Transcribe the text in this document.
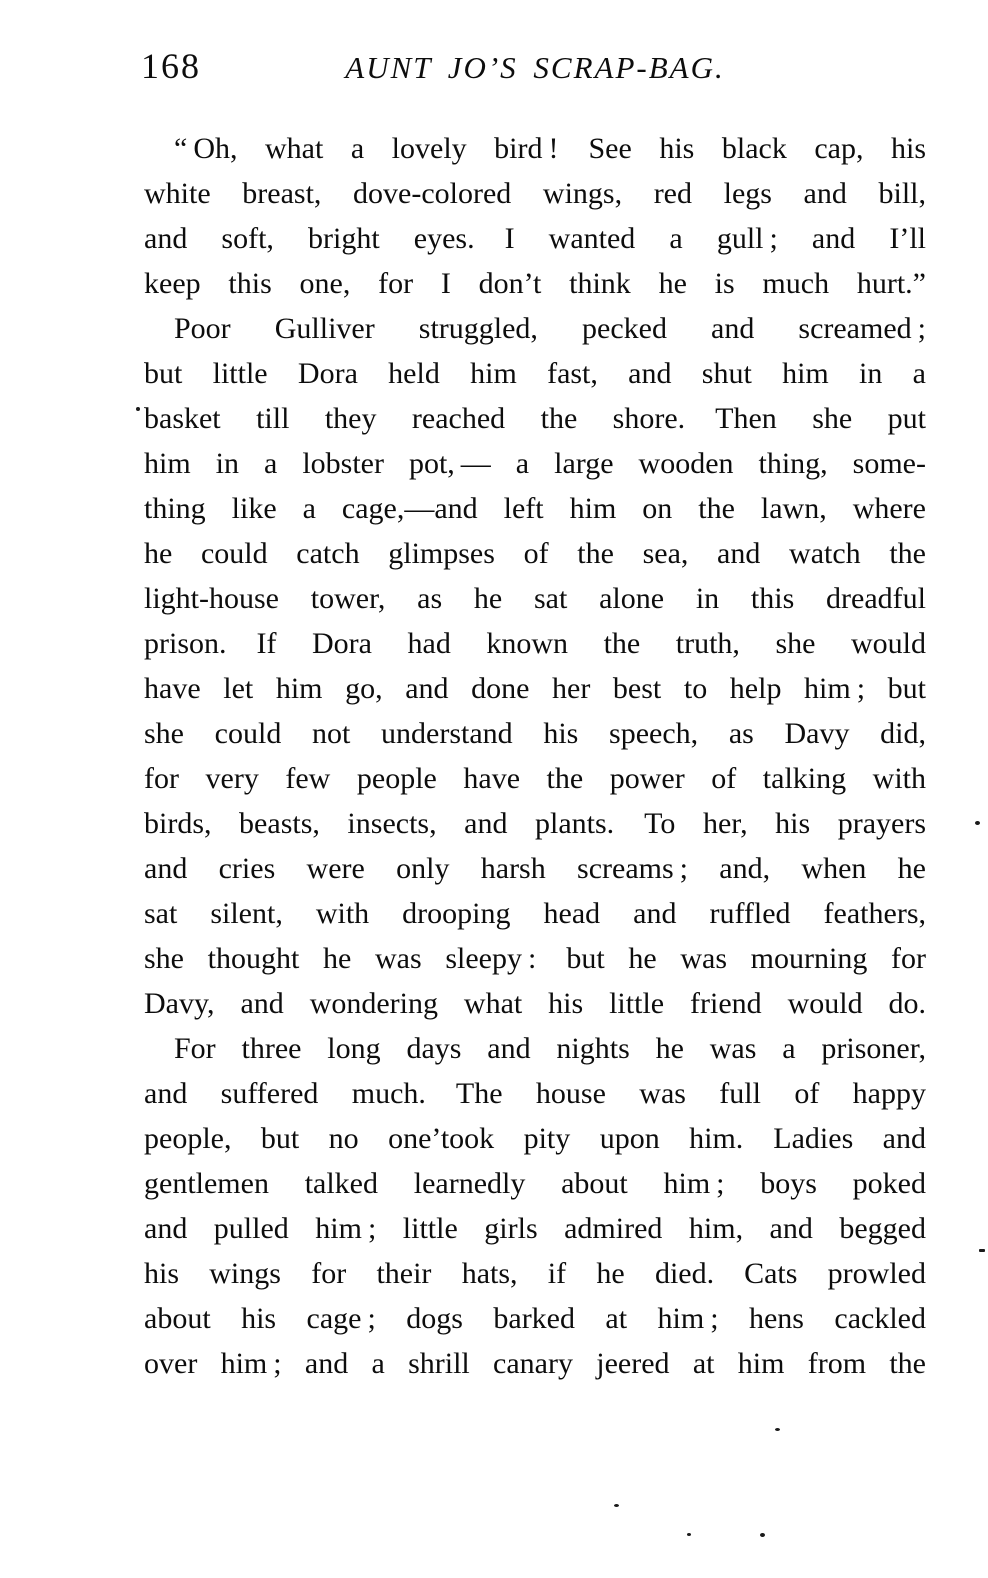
168	AUNT JO’S SCRAP-BAG.
“ Oh, what a lovely bird ! See his black cap, his
white breast, dove-colored wings, red legs and bill,
and soft, bright eyes. I wanted a gull ; and I’ll
keep this one, for I don’t think he is much hurt.”
Poor Gulliver struggled, pecked and screamed ;
but little Dora held him fast, and shut him in a
basket till they reached the shore. Then she put
him in a lobster pot, — a large wooden thing, some-
thing like a cage,—and left him on the lawn, where
he could catch glimpses of the sea, and watch the
light-house tower, as he sat alone in this dreadful
prison. If Dora had known the truth, she would
have let him go, and done her best to help him ; but
she could not understand his speech, as Davy did,
for very few people have the power of talking with
birds, beasts, insects, and plants. To her, his prayers
and cries were only harsh screams ; and, when he
sat silent, with drooping head and ruffled feathers,
she thought he was sleepy : but he was mourning for
Davy, and wondering what his little friend would do.
For three long days and nights he was a prisoner,
and suffered much. The house was full of happy
people, but no one’took pity upon him. Ladies and
gentlemen talked learnedly about him ; boys poked
and pulled him ; little girls admired him, and begged
his wings for their hats, if he died. Cats prowled
about his cage ; dogs barked at him ; hens cackled
over him ; and a shrill canary jeered at him from the
